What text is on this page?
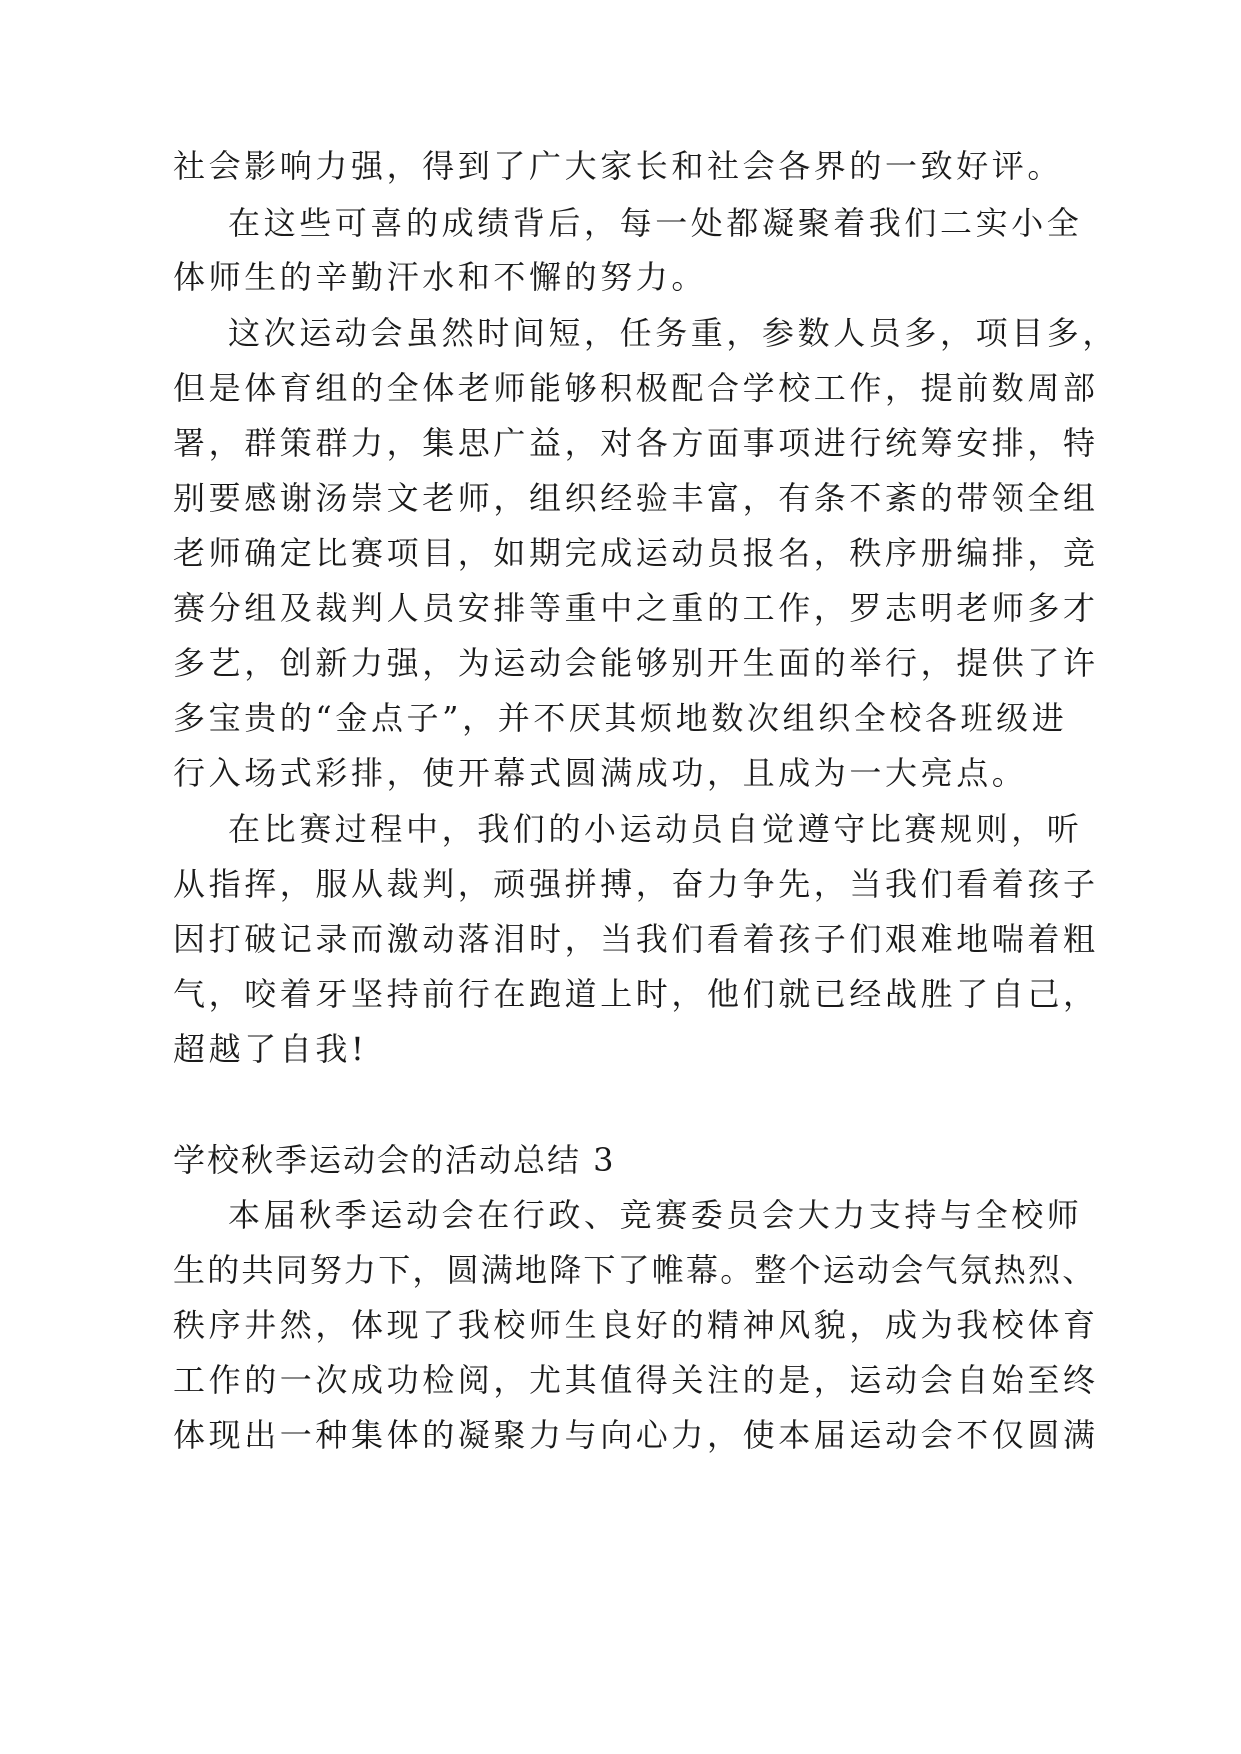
社会影响力强，得到了广大家长和社会各界的一致好评。

在这些可喜的成绩背后，每一处都凝聚着我们二实小全

体师生的辛勤汗水和不懈的努力。

这次运动会虽然时间短，任务重，参数人员多，项目多，

但是体育组的全体老师能够积极配合学校工作，提前数周部

署，群策群力，集思广益，对各方面事项进行统筹安排，特

别要感谢汤崇文老师，组织经验丰富，有条不紊的带领全组

老师确定比赛项目，如期完成运动员报名，秩序册编排，竞

赛分组及裁判人员安排等重中之重的工作，罗志明老师多才

多艺，创新力强，为运动会能够别开生面的举行，提供了许

多宝贵的“金点子”，并不厌其烦地数次组织全校各班级进

行入场式彩排，使开幕式圆满成功，且成为一大亮点。

在比赛过程中，我们的小运动员自觉遵守比赛规则，听

从指挥，服从裁判，顽强拼搏，奋力争先，当我们看着孩子

因打破记录而激动落泪时，当我们看着孩子们艰难地喘着粗

气，咬着牙坚持前行在跑道上时，他们就已经战胜了自己，

超越了自我!

学校秋季运动会的活动总结 3

本届秋季运动会在行政、竞赛委员会大力支持与全校师

生的共同努力下，圆满地降下了帷幕。整个运动会气氛热烈、

秩序井然，体现了我校师生良好的精神风貌，成为我校体育

工作的一次成功检阅，尤其值得关注的是，运动会自始至终

体现出一种集体的凝聚力与向心力，使本届运动会不仅圆满
